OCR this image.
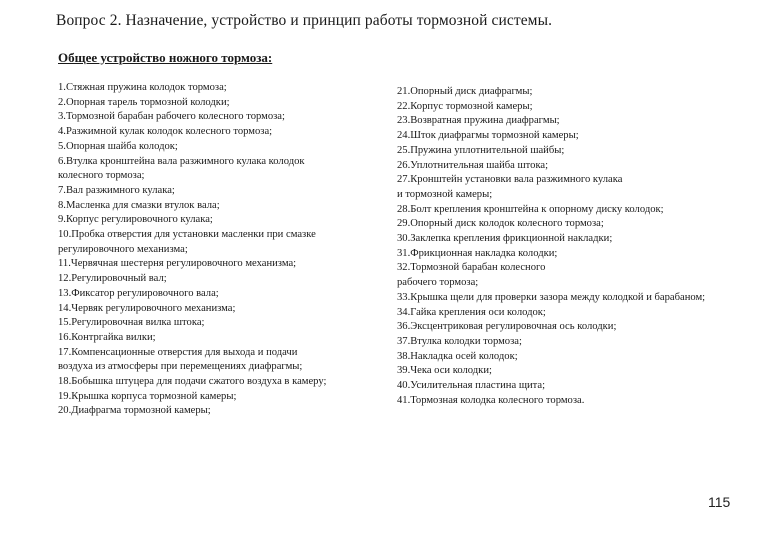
Вопрос 2. Назначение, устройство и принцип работы тормозной системы.
Общее устройство ножного тормоза:
1.Стяжная пружина колодок тормоза;
2.Опорная тарель тормозной колодки;
3.Тормозной барабан рабочего колесного тормоза;
4.Разжимной кулак колодок колесного тормоза;
5.Опорная шайба колодок;
6.Втулка кронштейна вала разжимного кулака колодок
колесного тормоза;
7.Вал разжимного кулака;
8.Масленка для смазки втулок вала;
9.Корпус регулировочного кулака;
10.Пробка отверстия для установки масленки при смазке
регулировочного механизма;
11.Червячная шестерня регулировочного механизма;
12.Регулировочный вал;
13.Фиксатор регулировочного вала;
14.Червяк регулировочного механизма;
15.Регулировочная вилка штока;
16.Контргайка вилки;
17.Компенсационные отверстия для выхода и подачи
воздуха из атмосферы при перемещениях диафрагмы;
18.Бобышка штуцера для подачи сжатого воздуха в камеру;
19.Крышка корпуса тормозной камеры;
20.Диафрагма тормозной камеры;
21.Опорный диск диафрагмы;
22.Корпус тормозной камеры;
23.Возвратная пружина диафрагмы;
24.Шток диафрагмы тормозной камеры;
25.Пружина уплотнительной шайбы;
26.Уплотнительная шайба штока;
27.Кронштейн установки вала разжимного кулака
и тормозной камеры;
28.Болт крепления кронштейна к опорному диску колодок;
29.Опорный диск колодок колесного тормоза;
30.Заклепка крепления фрикционной накладки;
31.Фрикционная накладка колодки;
32.Тормозной барабан колесного
рабочего тормоза;
33.Крышка щели для проверки зазора между колодкой и барабаном;
34.Гайка крепления оси колодок;
36.Эксцентриковая регулировочная ось колодки;
37.Втулка колодки тормоза;
38.Накладка осей колодок;
39.Чека оси колодки;
40.Усилительная пластина щита;
41.Тормозная колодка колесного тормоза.
115
